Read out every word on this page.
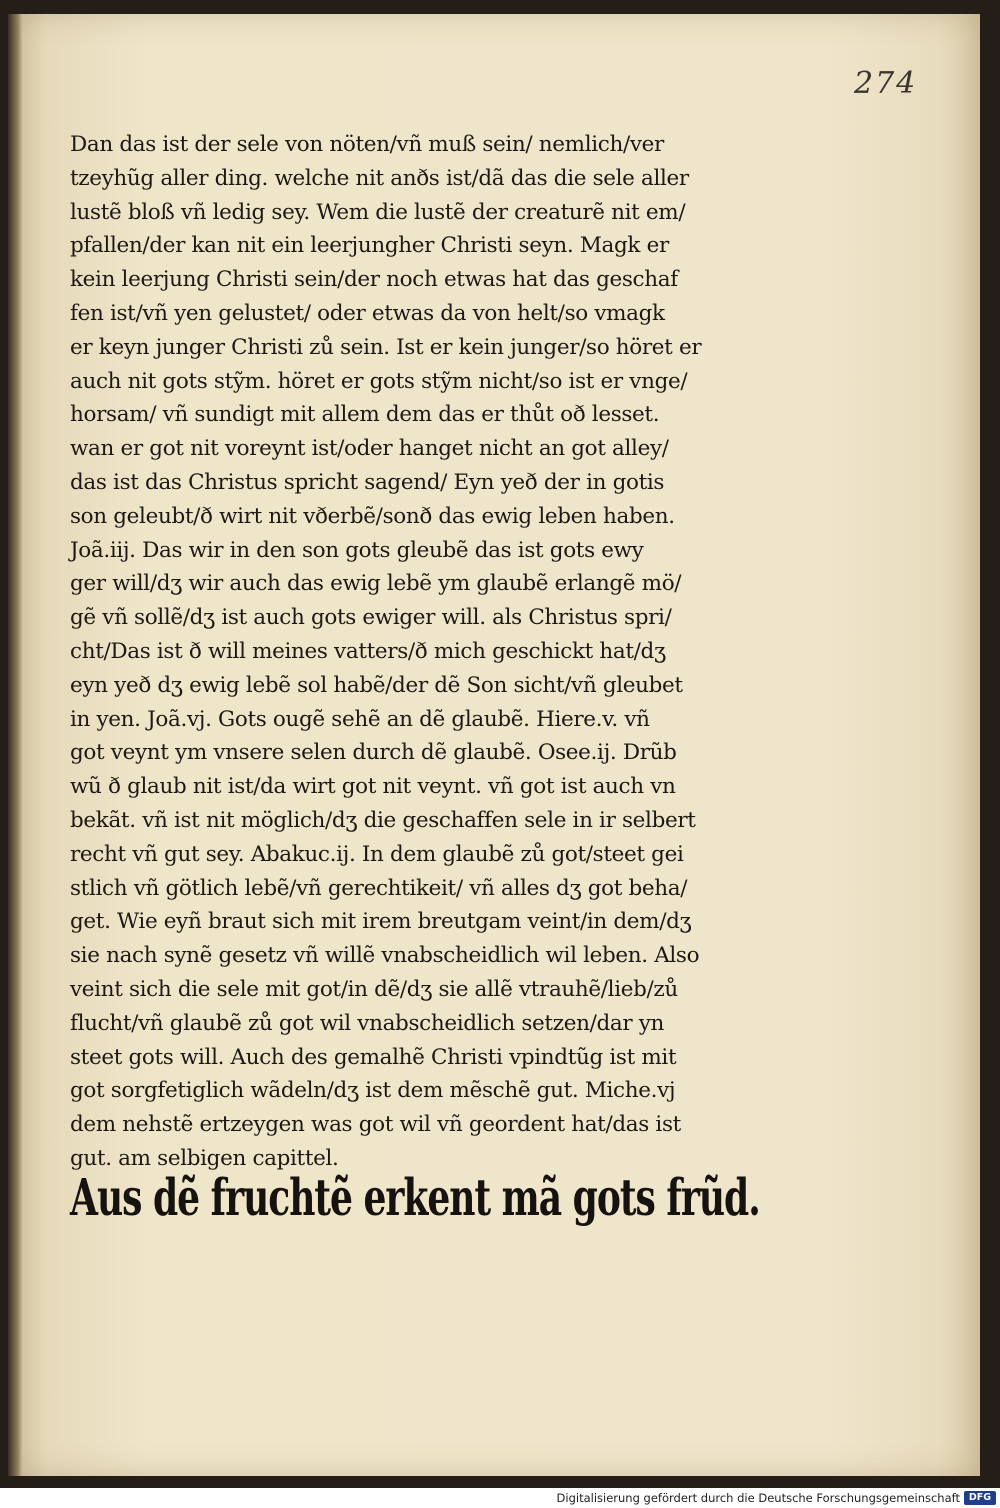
274
Dan das ist der sele von nöten/vñ muß sein/ nemlich/ver
tzeyhũg aller ding. welche nit anðs ist/dã das die sele aller
lustẽ bloß vñ ledig sey. Wem die lustẽ der creaturẽ nit em/
pfallen/der kan nit ein leerjungher Christi seyn. Magk er
kein leerjung Christi sein/der noch etwas hat das geschaf
fen ist/vñ yen gelustet/ oder etwas da von helt/so vmagk
er keyn junger Christi zů sein. Ist er kein junger/so höret er
auch nit gots stỹm. höret er gots stỹm nicht/so ist er vnge/
horsam/ vñ sundigt mit allem dem das er thůt oð lesset.
wan er got nit voreynt ist/oder hanget nicht an got alley/
das ist das Christus spricht sagend/ Eyn yeð der in gotis
son geleubt/ð wirt nit vðerbẽ/sonð das ewig leben haben.
Joã.iij. Das wir in den son gots gleubẽ das ist gots ewy
ger will/dʒ wir auch das ewig lebẽ ym glaubẽ erlangẽ mö/
gẽ vñ sollẽ/dʒ ist auch gots ewiger will. als Christus spri/
cht/Das ist ð will meines vatters/ð mich geschickt hat/dʒ
eyn yeð dʒ ewig lebẽ sol habẽ/der dẽ Son sicht/vñ gleubet
in yen. Joã.vj. Gots ougẽ sehẽ an dẽ glaubẽ. Hiere.v. vñ
got veynt ym vnsere selen durch dẽ glaubẽ. Osee.ij. Drũb
wũ ð glaub nit ist/da wirt got nit veynt. vñ got ist auch vn
bekãt. vñ ist nit möglich/dʒ die geschaffen sele in ir selbert
recht vñ gut sey. Abakuc.ij. In dem glaubẽ zů got/steet gei
stlich vñ götlich lebẽ/vñ gerechtikeit/ vñ alles dʒ got beha/
get. Wie eyñ braut sich mit irem breutgam veint/in dem/dʒ
sie nach synẽ gesetz vñ willẽ vnabscheidlich wil leben. Also
veint sich die sele mit got/in dẽ/dʒ sie allẽ vtrauhẽ/lieb/zů
flucht/vñ glaubẽ zů got wil vnabscheidlich setzen/dar yn
steet gots will. Auch des gemalhẽ Christi vpindtũg ist mit
got sorgfetiglich wãdeln/dʒ ist dem mẽschẽ gut. Miche.vj
dem nehstẽ ertzeygen was got wil vñ geordent hat/das ist
gut. am selbigen capittel.
Aus dẽ fruchtẽ erkent mã gots frũd.
Digitalisierung gefördert durch die Deutsche Forschungsgemeinschaft DFG
